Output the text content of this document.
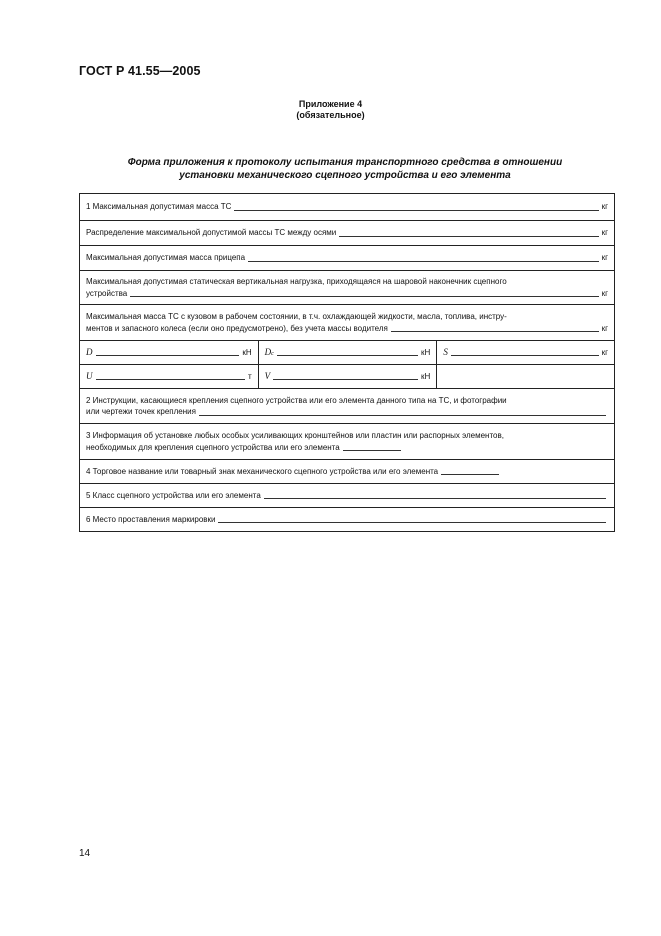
ГОСТ Р 41.55—2005
Приложение 4
(обязательное)
Форма приложения к протоколу испытания транспортного средства в отношении
установки механического сцепного устройства и его элемента
1 Максимальная допустимая масса ТС кг		

Распределение максимальной допустимой массы ТС между осями кг		

Максимальная допустимая масса прицепа кг		

Максимальная допустимая статическая вертикальная нагрузка, приходящаяся на шаровой наконечник сцепного
устройства кг		

Максимальная масса ТС с кузовом в рабочем состоянии, в т.ч. охлаждающей жидкости, масла, топлива, инстру-
ментов и запасного колеса (если оно предусмотрено), без учета массы водителя кг		

D кН	D c кН	S кг

U т	V кН	

2 Инструкции, касающиеся крепления сцепного устройства или его элемента данного типа на ТС, и фотографии
или чертежи точек крепления		

3 Информация об установке любых особых усиливающих кронштейнов или пластин или распорных элементов,
необходимых для крепления сцепного устройства или его элемента		

4 Торговое название или товарный знак механического сцепного устройства или его элемента		

5 Класс сцепного устройства или его элемента		

6 Место проставления маркировки		
14
